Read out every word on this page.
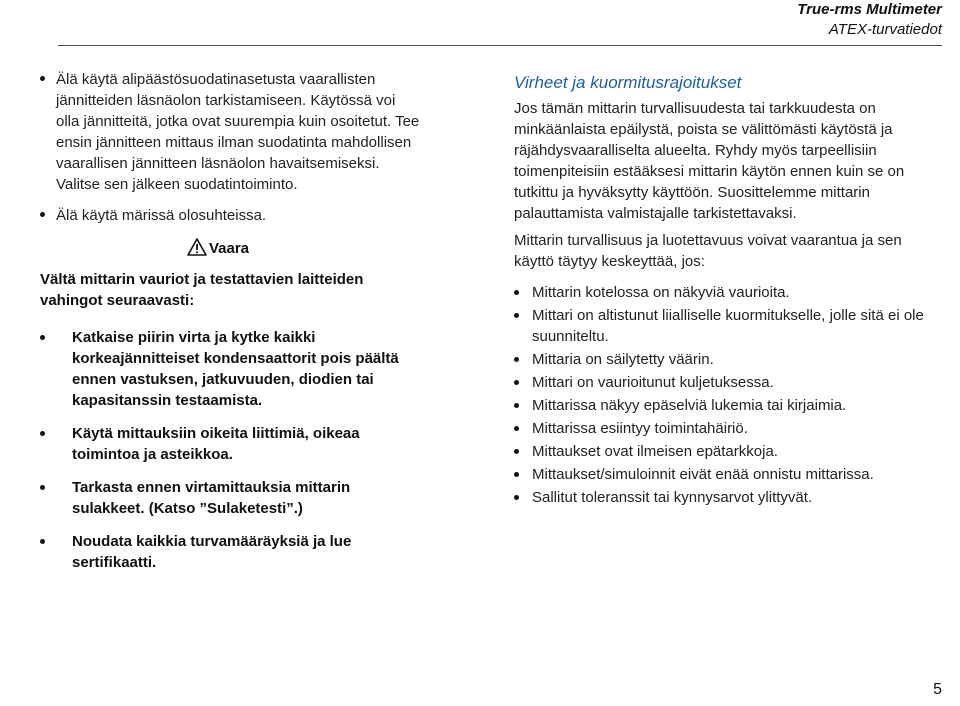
True-rms Multimeter
ATEX-turvatiedot
Älä käytä alipäästösuodatinasetusta vaarallisten jännitteiden läsnäolon tarkistamiseen. Käytössä voi olla jännitteitä, jotka ovat suurempia kuin osoitetut. Tee ensin jännitteen mittaus ilman suodatinta mahdollisen vaarallisen jännitteen läsnäolon havaitsemiseksi. Valitse sen jälkeen suodatintoiminto.
Älä käytä märissä olosuhteissa.
Vaara
Vältä mittarin vauriot ja testattavien laitteiden vahingot seuraavasti:
Katkaise piirin virta ja kytke kaikki korkeajännitteiset kondensaattorit pois päältä ennen vastuksen, jatkuvuuden, diodien tai kapasitanssin testaamista.
Käytä mittauksiin oikeita liittimiä, oikeaa toimintoa ja asteikkoa.
Tarkasta ennen virtamittauksia mittarin sulakkeet. (Katso ”Sulaketesti”.)
Noudata kaikkia turvamääräyksiä ja lue sertifikaatti.
Virheet ja kuormitusrajoitukset

Jos tämän mittarin turvallisuudesta tai tarkkuudesta on minkäänlaista epäilystä, poista se välittömästi käytöstä ja räjähdysvaaralliselta alueelta. Ryhdy myös tarpeellisiin toimenpiteisiin estääksesi mittarin käytön ennen kuin se on tutkittu ja hyväksytty käyttöön. Suosittelemme mittarin palauttamista valmistajalle tarkistettavaksi.

Mittarin turvallisuus ja luotettavuus voivat vaarantua ja sen käyttö täytyy keskeyttää, jos:

Mittarin kotelossa on näkyviä vaurioita.
Mittari on altistunut liialliselle kuormitukselle, jolle sitä ei ole suunniteltu.
Mittaria on säilytetty väärin.
Mittari on vaurioitunut kuljetuksessa.
Mittarissa näkyy epäselviä lukemia tai kirjaimia.
Mittarissa esiintyy toimintahäiriö.
Mittaukset ovat ilmeisen epätarkkoja.
Mittaukset/simuloinnit eivät enää onnistu mittarissa.
Sallitut toleranssit tai kynnysarvot ylittyvät.
5
